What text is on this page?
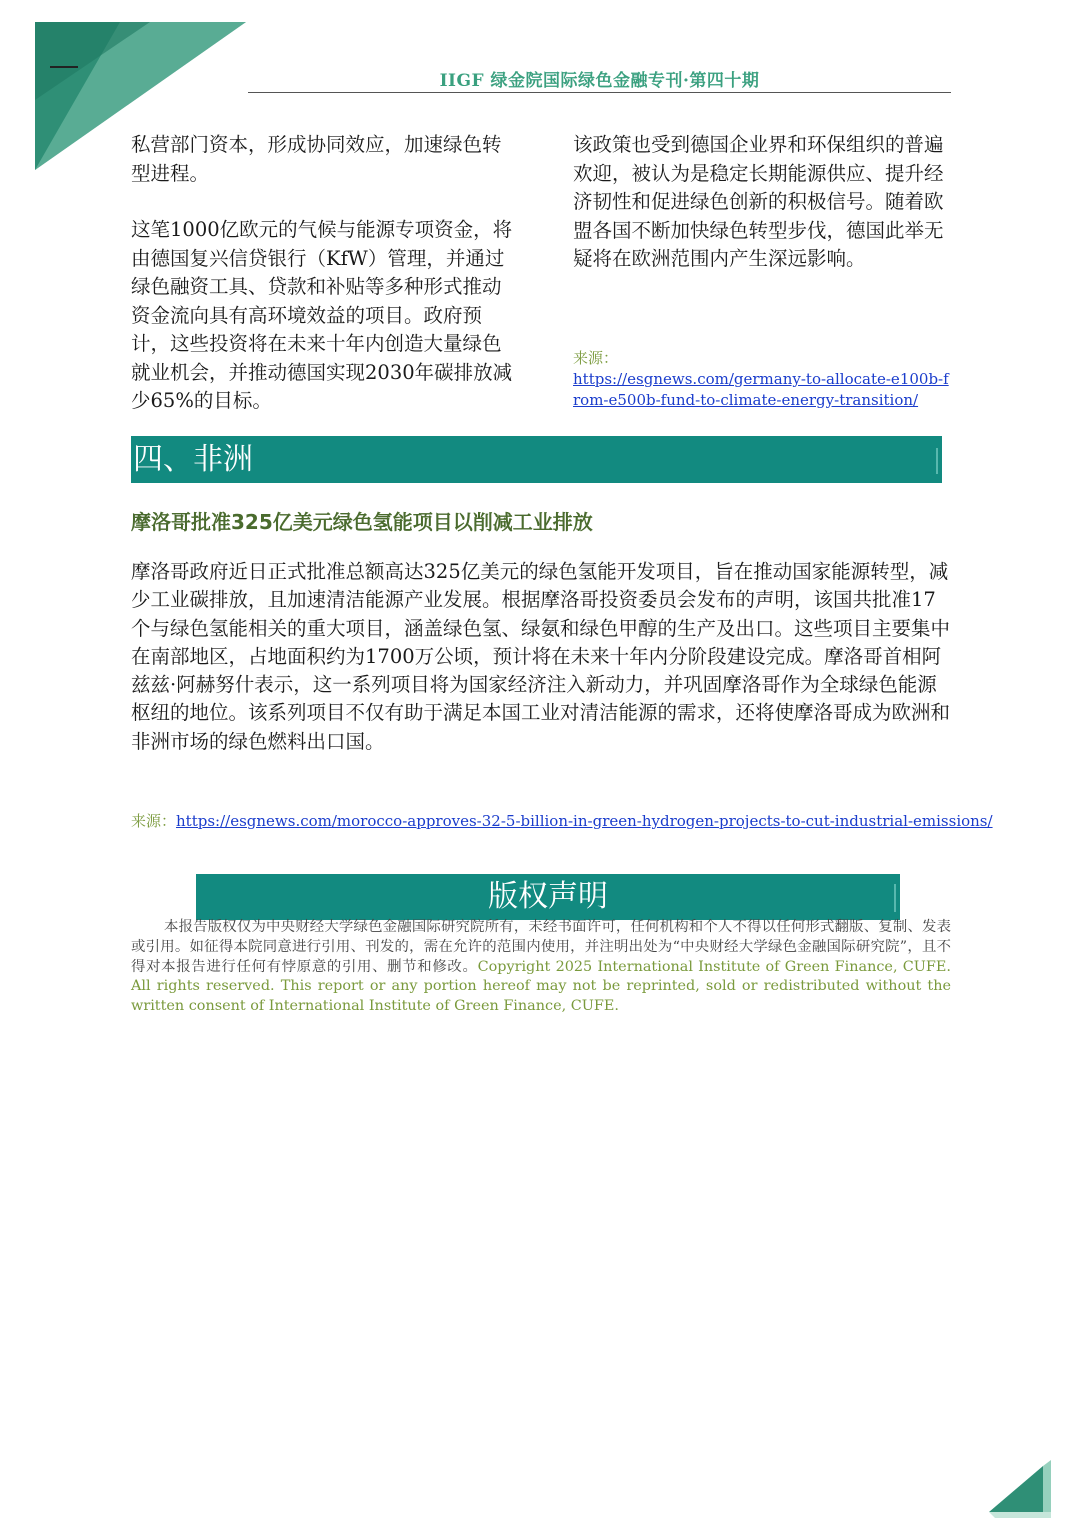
IIGF 绿金院国际绿色金融专刊·第四十期

私营部门资本，形成协同效应，加速绿色转型进程。

这笔1000亿欧元的气候与能源专项资金，将由德国复兴信贷银行（KfW）管理，并通过绿色融资工具、贷款和补贴等多种形式推动资金流向具有高环境效益的项目。政府预计，这些投资将在未来十年内创造大量绿色就业机会，并推动德国实现2030年碳排放减少65%的目标。

该政策也受到德国企业界和环保组织的普遍欢迎，被认为是稳定长期能源供应、提升经济韧性和促进绿色创新的积极信号。随着欧盟各国不断加快绿色转型步伐，德国此举无疑将在欧洲范围内产生深远影响。

来源：
https://esgnews.com/germany-to-allocate-e100b-from-e500b-fund-to-climate-energy-transition/
四、非洲
摩洛哥批准325亿美元绿色氢能项目以削减工业排放
摩洛哥政府近日正式批准总额高达325亿美元的绿色氢能开发项目，旨在推动国家能源转型，减少工业碳排放，且加速清洁能源产业发展。根据摩洛哥投资委员会发布的声明，该国共批准17个与绿色氢能相关的重大项目，涵盖绿色氢、绿氨和绿色甲醇的生产及出口。这些项目主要集中在南部地区，占地面积约为1700万公顷，预计将在未来十年内分阶段建设完成。摩洛哥首相阿兹兹·阿赫努什表示，这一系列项目将为国家经济注入新动力，并巩固摩洛哥作为全球绿色能源枢纽的地位。该系列项目不仅有助于满足本国工业对清洁能源的需求，还将使摩洛哥成为欧洲和非洲市场的绿色燃料出口国。
来源：https://esgnews.com/morocco-approves-32-5-billion-in-green-hydrogen-projects-to-cut-industrial-emissions/
版权声明
本报告版权仅为中央财经大学绿色金融国际研究院所有，未经书面许可，任何机构和个人不得以任何形式翻版、复制、发表或引用。如征得本院同意进行引用、刊发的，需在允许的范围内使用，并注明出处为“中央财经大学绿色金融国际研究院”，且不得对本报告进行任何有悖原意的引用、删节和修改。Copyright 2025 International Institute of Green Finance, CUFE. All rights reserved. This report or any portion hereof may not be reprinted, sold or redistributed without the written consent of International Institute of Green Finance, CUFE.
